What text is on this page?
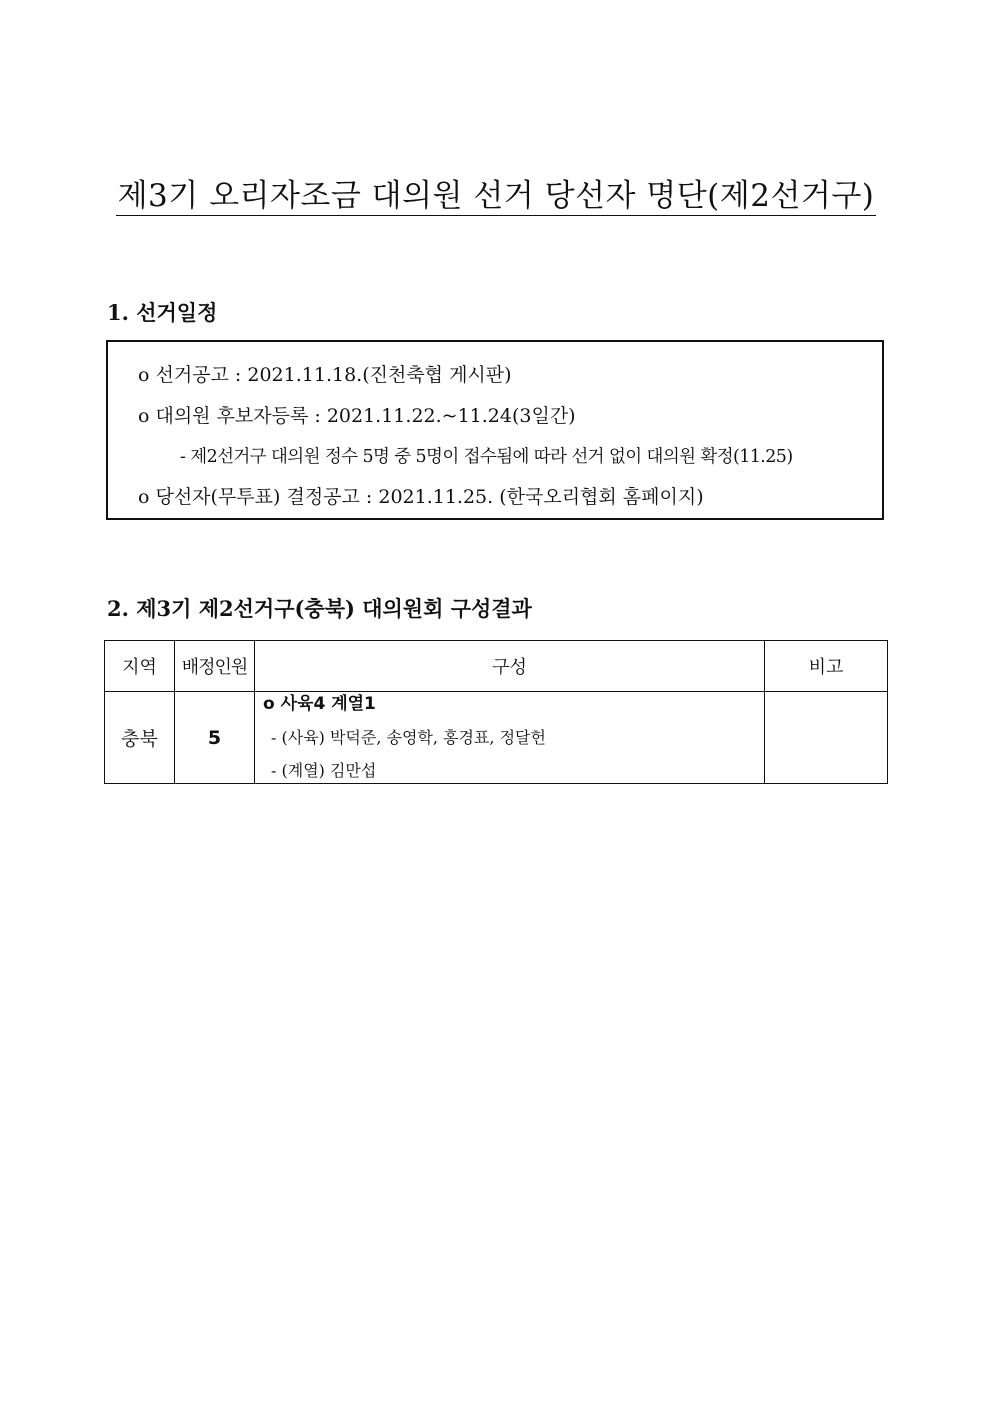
제3기 오리자조금 대의원 선거 당선자 명단(제2선거구)
1. 선거일정
o 선거공고 : 2021.11.18.(진천축협 게시판)
o 대의원 후보자등록 : 2021.11.22.~11.24(3일간)
- 제2선거구 대의원 정수 5명 중 5명이 접수됨에 따라 선거 없이 대의원 확정(11.25)
o 당선자(무투표) 결정공고 : 2021.11.25. (한국오리협회 홈페이지)
2. 제3기 제2선거구(충북) 대의원회 구성결과
지역	배정인원	구성	비고
충북	5	o 사육4 계열1
- (사육) 박덕준, 송영학, 홍경표, 정달헌
- (계열) 김만섭	
